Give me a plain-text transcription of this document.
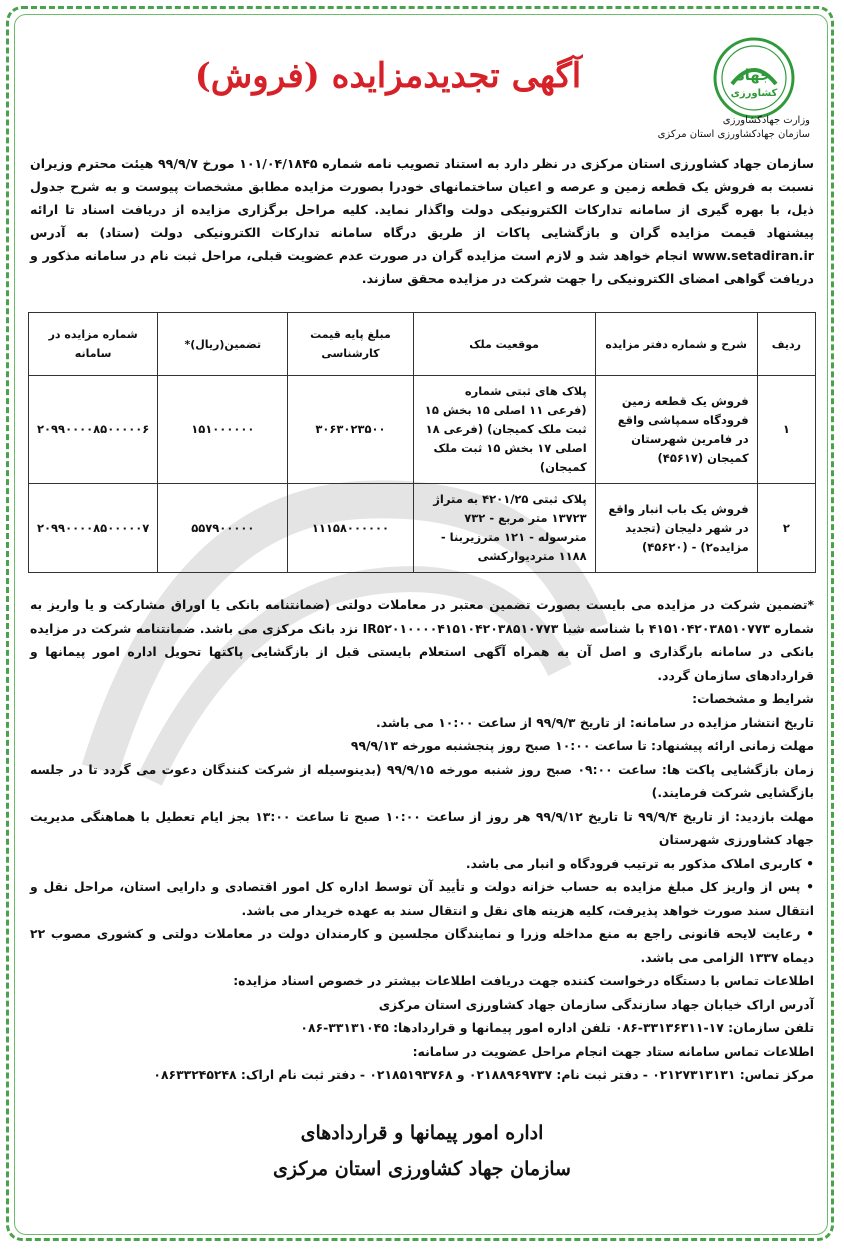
جهاد
کشاورزی
وزارت جهادکشاورزی
سازمان جهادکشاورزی استان مرکزی
آگهی تجدیدمزایده (فروش)

سازمان جهاد کشاورزی استان مرکزی در نظر دارد به استناد تصویب نامه شماره ۱۰۱/۰۴/۱۸۴۵ مورخ ۹۹/۹/۷ هیئت محترم وزیران نسبت به فروش یک قطعه زمین و عرصه و اعیان ساختمانهای خودرا بصورت مزایده مطابق مشخصات پیوست و به شرح جدول ذیل، با بهره گیری از سامانه تدارکات الکترونیکی دولت واگذار نماید. کلیه مراحل برگزاری مزایده از دریافت اسناد تا ارائه پیشنهاد قیمت مزایده گران و بازگشایی پاکات از طریق درگاه سامانه تدارکات الکترونیکی دولت (ستاد) به آدرس www.setadiran.ir انجام خواهد شد و لازم است مزایده گران در صورت عدم عضویت قبلی، مراحل ثبت نام در سامانه مذکور و دریافت گواهی امضای الکترونیکی را جهت شرکت در مزایده محقق سازند.

ردیف	شرح و شماره دفتر مزایده	موقعیت ملک	مبلغ پایه قیمت کارشناسی	تضمین(ریال)*	شماره مزایده در سامانه
۱	فروش یک قطعه زمین فرودگاه سمپاشی واقع در فامرین شهرستان کمیجان (۴۵۶۱۷)	پلاک های ثبتی شماره (فرعی ۱۱ اصلی ۱۵ بخش ۱۵ ثبت ملک کمیجان) (فرعی ۱۸ اصلی ۱۷ بخش ۱۵ ثبت ملک کمیجان)	۳۰۶۳۰۲۳۵۰۰	۱۵۱۰۰۰۰۰۰	۲۰۹۹۰۰۰۰۸۵۰۰۰۰۰۶
۲	فروش یک باب انبار واقع در شهر دلیجان (تجدید مزایده۲) - (۴۵۶۲۰)	پلاک ثبتی ۴۲۰۱/۲۵ به متراژ ۱۳۷۲۳ متر مربع - ۷۳۲ مترسوله - ۱۲۱ مترزیربنا - ۱۱۸۸ متردیوارکشی	۱۱۱۵۸۰۰۰۰۰۰	۵۵۷۹۰۰۰۰۰	۲۰۹۹۰۰۰۰۸۵۰۰۰۰۰۷

*تضمین شرکت در مزایده می بایست بصورت تضمین معتبر در معاملات دولتی (ضمانتنامه بانکی یا اوراق مشارکت و یا واریز به شماره ۴۱۵۱۰۴۲۰۳۸۵۱۰۷۷۳ با شناسه شبا IR۵۲۰۱۰۰۰۰۴۱۵۱۰۴۲۰۳۸۵۱۰۷۷۳ نزد بانک مرکزی می باشد. ضمانتنامه شرکت در مزایده بانکی در سامانه بارگذاری و اصل آن به همراه آگهی استعلام بایستی قبل از بازگشایی پاکتها تحویل اداره امور پیمانها و قراردادهای سازمان گردد.

شرایط و مشخصات:

تاریخ انتشار مزایده در سامانه: از تاریخ ۹۹/۹/۳ از ساعت ۱۰:۰۰ می باشد.

مهلت زمانی ارائه پیشنهاد: تا ساعت ۱۰:۰۰ صبح روز پنجشنبه مورخه ۹۹/۹/۱۳

زمان بازگشایی پاکت ها: ساعت ۰۹:۰۰ صبح روز شنبه مورخه ۹۹/۹/۱۵ (بدینوسیله از شرکت کنندگان دعوت می گردد تا در جلسه بازگشایی شرکت فرمایند.)

مهلت بازدید: از تاریخ ۹۹/۹/۴ تا تاریخ ۹۹/۹/۱۲ هر روز از ساعت ۱۰:۰۰ صبح تا ساعت ۱۳:۰۰ بجز ایام تعطیل با هماهنگی مدیریت جهاد کشاورزی شهرستان

• کاربری املاک مذکور به ترتیب فرودگاه و انبار می باشد.

• پس از واریز کل مبلغ مزایده به حساب خزانه دولت و تأیید آن توسط اداره کل امور اقتصادی و دارایی استان، مراحل نقل و انتقال سند صورت خواهد پذیرفت، کلیه هزینه های نقل و انتقال سند به عهده خریدار می باشد.

• رعایت لایحه قانونی راجع به منع مداخله وزرا و نمایندگان مجلسین و کارمندان دولت در معاملات دولتی و کشوری مصوب ۲۲ دیماه ۱۳۳۷ الزامی می باشد.

اطلاعات تماس با دستگاه درخواست کننده جهت دریافت اطلاعات بیشتر در خصوص اسناد مزایده:

آدرس اراک خیابان جهاد سازندگی سازمان جهاد کشاورزی استان مرکزی

تلفن سازمان: ۱۷-۳۳۱۳۶۳۱۱-۰۸۶ تلفن اداره امور پیمانها و قراردادها: ۳۳۱۳۱۰۴۵-۰۸۶

اطلاعات تماس سامانه ستاد جهت انجام مراحل عضویت در سامانه:

مرکز تماس: ۰۲۱۲۷۳۱۳۱۳۱ - دفتر ثبت نام: ۰۲۱۸۸۹۶۹۷۳۷ و ۰۲۱۸۵۱۹۳۷۶۸ - دفتر ثبت نام اراک: ۰۸۶۳۳۲۴۵۲۴۸

اداره امور پیمانها و قراردادهای
سازمان جهاد کشاورزی استان مرکزی
